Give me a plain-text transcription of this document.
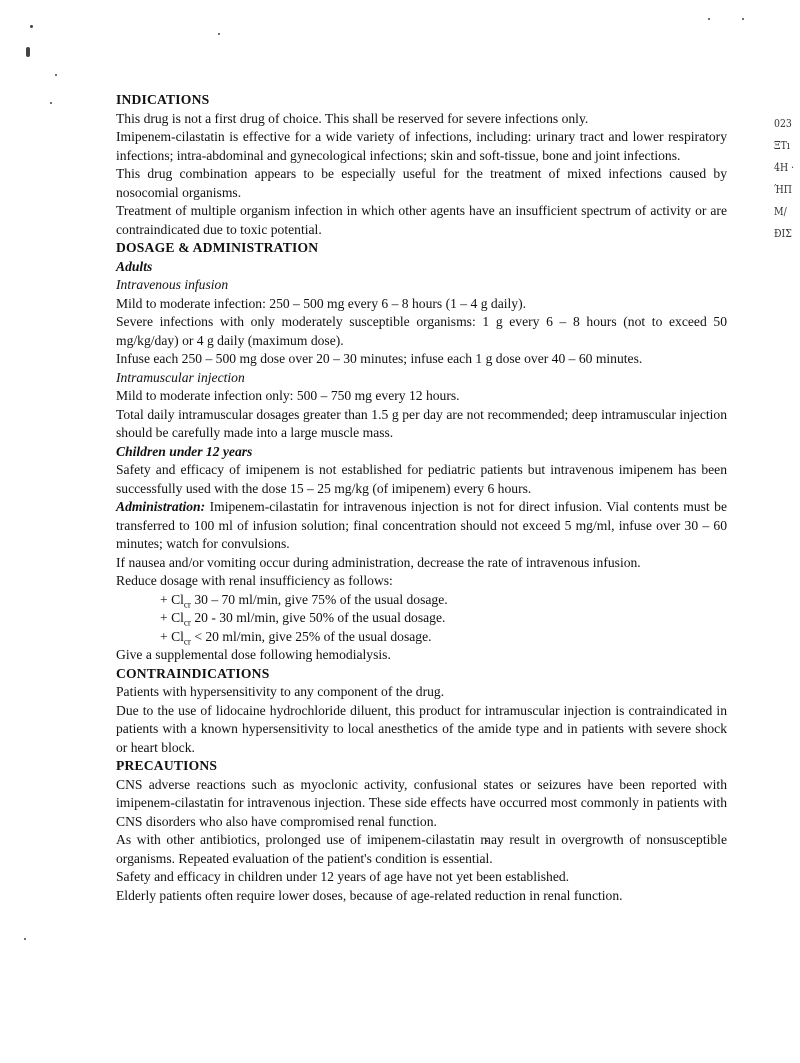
023
ΞTı
4H ·
ΉΠ
M/
ÐIΣ

INDICATIONS

This drug is not a first drug of choice. This shall be reserved for severe infections only.

Imipenem-cilastatin is effective for a wide variety of infections, including: urinary tract and lower respiratory infections; intra-abdominal and gynecological infections; skin and soft-tissue, bone and joint infections.

This drug combination appears to be especially useful for the treatment of mixed infections caused by nosocomial organisms.

Treatment of multiple organism infection in which other agents have an insufficient spectrum of activity or are contraindicated due to toxic potential.

DOSAGE & ADMINISTRATION

Adults

Intravenous infusion

Mild to moderate infection: 250 – 500 mg every 6 – 8 hours (1 – 4 g daily).

Severe infections with only moderately susceptible organisms: 1 g every 6 – 8 hours (not to exceed 50 mg/kg/day) or 4 g daily (maximum dose).

Infuse each 250 – 500 mg dose over 20 – 30 minutes; infuse each 1 g dose over 40 – 60 minutes.

Intramuscular injection

Mild to moderate infection only: 500 – 750 mg every 12 hours.

Total daily intramuscular dosages greater than 1.5 g per day are not recommended; deep intramuscular injection should be carefully made into a large muscle mass.

Children under 12 years

Safety and efficacy of imipenem is not established for pediatric patients but intravenous imipenem has been successfully used with the dose 15 – 25 mg/kg (of imipenem) every 6 hours.

Administration: Imipenem-cilastatin for intravenous injection is not for direct infusion. Vial contents must be transferred to 100 ml of infusion solution; final concentration should not exceed 5 mg/ml, infuse over 30 – 60 minutes; watch for convulsions.

If nausea and/or vomiting occur during administration, decrease the rate of intravenous infusion.

Reduce dosage with renal insufficiency as follows:

+ $Cl_{cr}$ 30 – 70 ml/min, give 75% of the usual dosage.

+ $Cl_{cr}$ 20 - 30 ml/min, give 50% of the usual dosage.

+ $Cl_{cr} < 20$ ml/min, give 25% of the usual dosage.

Give a supplemental dose following hemodialysis.

CONTRAINDICATIONS

Patients with hypersensitivity to any component of the drug.

Due to the use of lidocaine hydrochloride diluent, this product for intramuscular injection is contraindicated in patients with a known hypersensitivity to local anesthetics of the amide type and in patients with severe shock or heart block.

PRECAUTIONS

CNS adverse reactions such as myoclonic activity, confusional states or seizures have been reported with imipenem-cilastatin for intravenous injection. These side effects have occurred most commonly in patients with CNS disorders who also have compromised renal function.

As with other antibiotics, prolonged use of imipenem-cilastatin may result in overgrowth of nonsusceptible organisms. Repeated evaluation of the patient's condition is essential.

Safety and efficacy in children under 12 years of age have not yet been established.

Elderly patients often require lower doses, because of age-related reduction in renal function.
